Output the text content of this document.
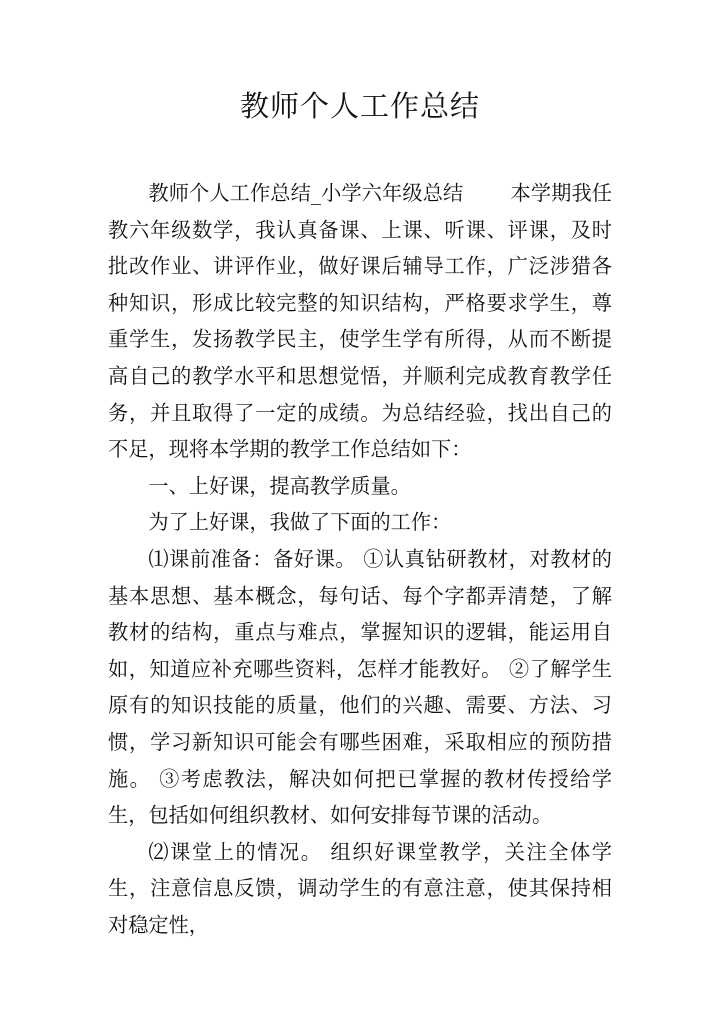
教师个人工作总结

教师个人工作总结_小学六年级总结　　 本学期我任教六年级数学，我认真备课、上课、听课、评课，及时批改作业、讲评作业，做好课后辅导工作，广泛涉猎各种知识，形成比较完整的知识结构，严格要求学生，尊重学生，发扬教学民主，使学生学有所得，从而不断提高自己的教学水平和思想觉悟，并顺利完成教育教学任务，并且取得了一定的成绩。为总结经验，找出自己的不足，现将本学期的教学工作总结如下：

一、上好课，提高教学质量。

为了上好课，我做了下面的工作：

⑴课前准备：备好课。 ①认真钻研教材，对教材的基本思想、基本概念，每句话、每个字都弄清楚，了解教材的结构，重点与难点，掌握知识的逻辑，能运用自如，知道应补充哪些资料，怎样才能教好。 ②了解学生原有的知识技能的质量，他们的兴趣、需要、方法、习惯，学习新知识可能会有哪些困难，采取相应的预防措施。 ③考虑教法，解决如何把已掌握的教材传授给学生，包括如何组织教材、如何安排每节课的活动。

⑵课堂上的情况。 组织好课堂教学，关注全体学生，注意信息反馈，调动学生的有意注意，使其保持相对稳定性，
